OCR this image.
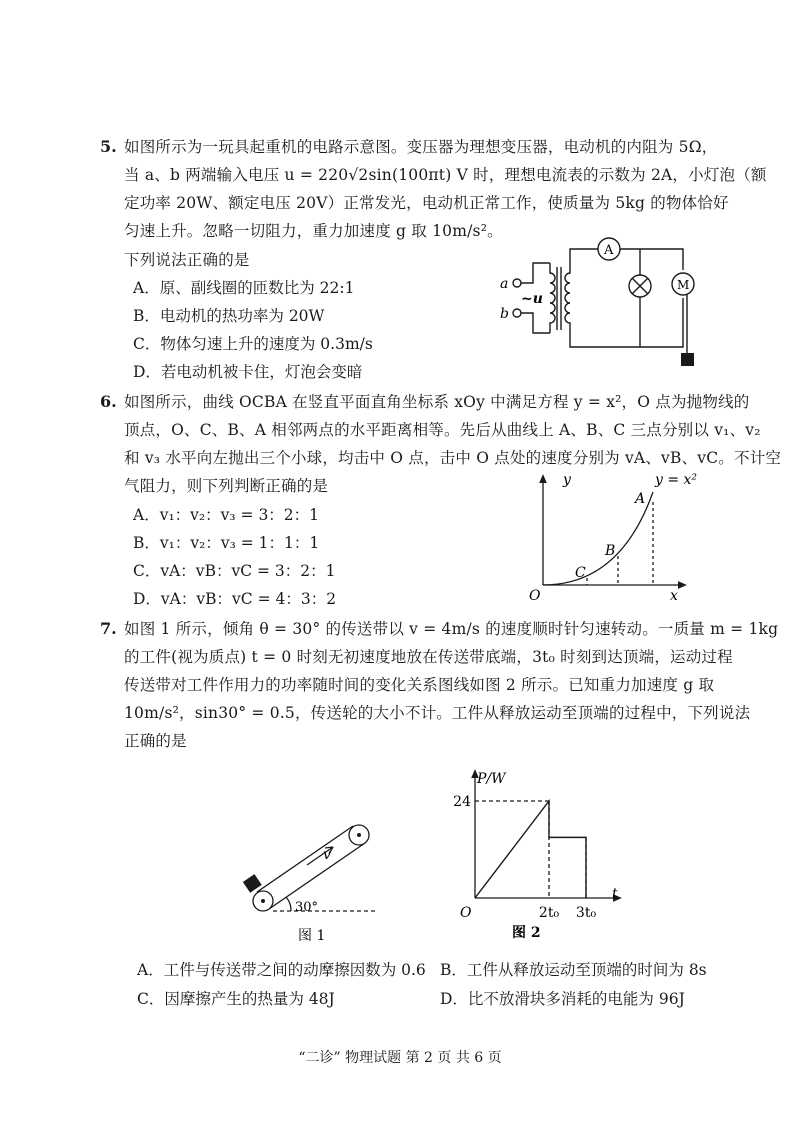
5. 如图所示为一玩具起重机的电路示意图。变压器为理想变压器，电动机的内阻为 5Ω，
当 a、b 两端输入电压 u = 220√2sin(100πt) V 时，理想电流表的示数为 2A，小灯泡（额
定功率 20W、额定电压 20V）正常发光，电动机正常工作，使质量为 5kg 的物体恰好
匀速上升。忽略一切阻力，重力加速度 g 取 10m/s²。
下列说法正确的是
A．原、副线圈的匝数比为 22:1
B．电动机的热功率为 20W
C．物体匀速上升的速度为 0.3m/s
D．若电动机被卡住，灯泡会变暗
A
M
a
b
~u
6. 如图所示，曲线 OCBA 在竖直平面直角坐标系 xOy 中满足方程 y = x²，O 点为抛物线的
顶点，O、C、B、A 相邻两点的水平距离相等。先后从曲线上 A、B、C 三点分别以 v₁、v₂
和 v₃ 水平向左抛出三个小球，均击中 O 点，击中 O 点处的速度分别为 vA、vB、vC。不计空
气阻力，则下列判断正确的是
A．v₁：v₂：v₃ = 3：2：1
B．v₁：v₂：v₃ = 1：1：1
C．vA：vB：vC = 3：2：1
D．vA：vB：vC = 4：3：2
y
x
O
y = x²
A
B
C
7. 如图 1 所示，倾角 θ = 30° 的传送带以 v = 4m/s 的速度顺时针匀速转动。一质量 m = 1kg
的工件(视为质点) t = 0 时刻无初速度地放在传送带底端，3t₀ 时刻到达顶端，运动过程
传送带对工件作用力的功率随时间的变化关系图线如图 2 所示。已知重力加速度 g 取
10m/s²，sin30° = 0.5，传送轮的大小不计。工件从释放运动至顶端的过程中，下列说法
正确的是
30°
v
图 1
P/W
t
O
24
2t₀ 3t₀
图 2
A．工件与传送带之间的动摩擦因数为 0.6 B．工件从释放运动至顶端的时间为 8s
C．因摩擦产生的热量为 48J	D．比不放滑块多消耗的电能为 96J
“二诊” 物理试题 第 2 页 共 6 页
